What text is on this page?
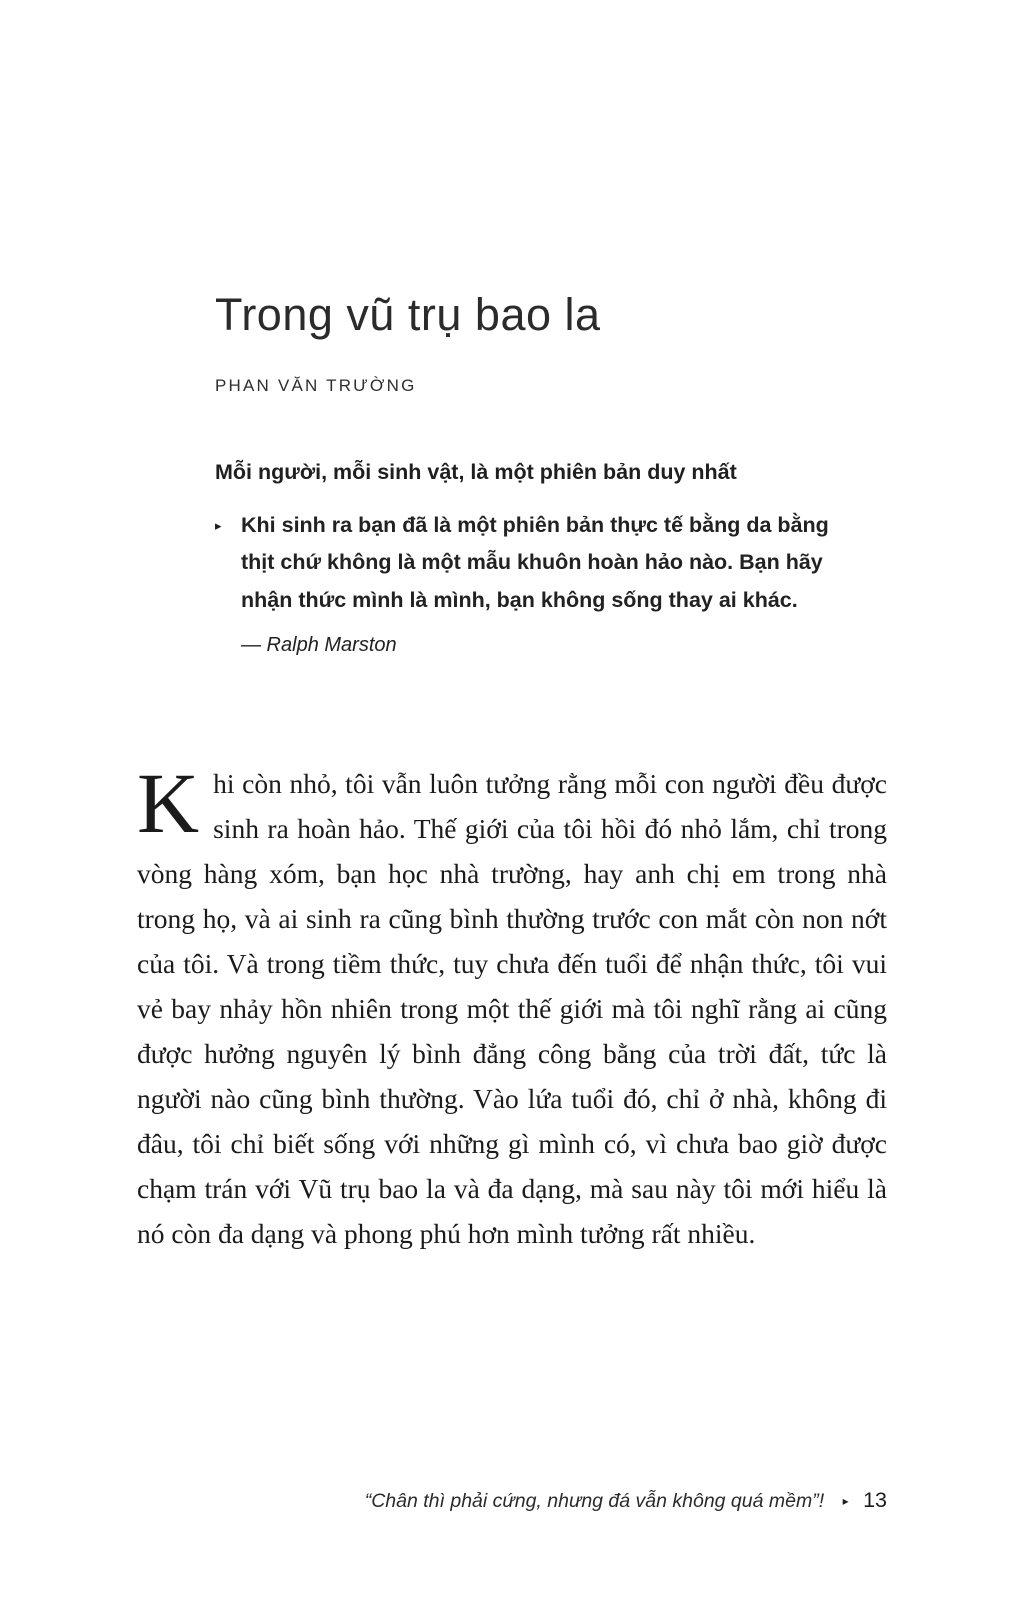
Trong vũ trụ bao la
PHAN VĂN TRƯỜNG
Mỗi người, mỗi sinh vật, là một phiên bản duy nhất
▸ Khi sinh ra bạn đã là một phiên bản thực tế bằng da bằng thịt chứ không là một mẫu khuôn hoàn hảo nào. Bạn hãy nhận thức mình là mình, bạn không sống thay ai khác.
— Ralph Marston

Khi còn nhỏ, tôi vẫn luôn tưởng rằng mỗi con người đều được sinh ra hoàn hảo. Thế giới của tôi hồi đó nhỏ lắm, chỉ trong vòng hàng xóm, bạn học nhà trường, hay anh chị em trong nhà trong họ, và ai sinh ra cũng bình thường trước con mắt còn non nớt của tôi. Và trong tiềm thức, tuy chưa đến tuổi để nhận thức, tôi vui vẻ bay nhảy hồn nhiên trong một thế giới mà tôi nghĩ rằng ai cũng được hưởng nguyên lý bình đẳng công bằng của trời đất, tức là người nào cũng bình thường. Vào lứa tuổi đó, chỉ ở nhà, không đi đâu, tôi chỉ biết sống với những gì mình có, vì chưa bao giờ được chạm trán với Vũ trụ bao la và đa dạng, mà sau này tôi mới hiểu là nó còn đa dạng và phong phú hơn mình tưởng rất nhiều.

“Chân thì phải cứng, nhưng đá vẫn không quá mềm”! ▸ 13
